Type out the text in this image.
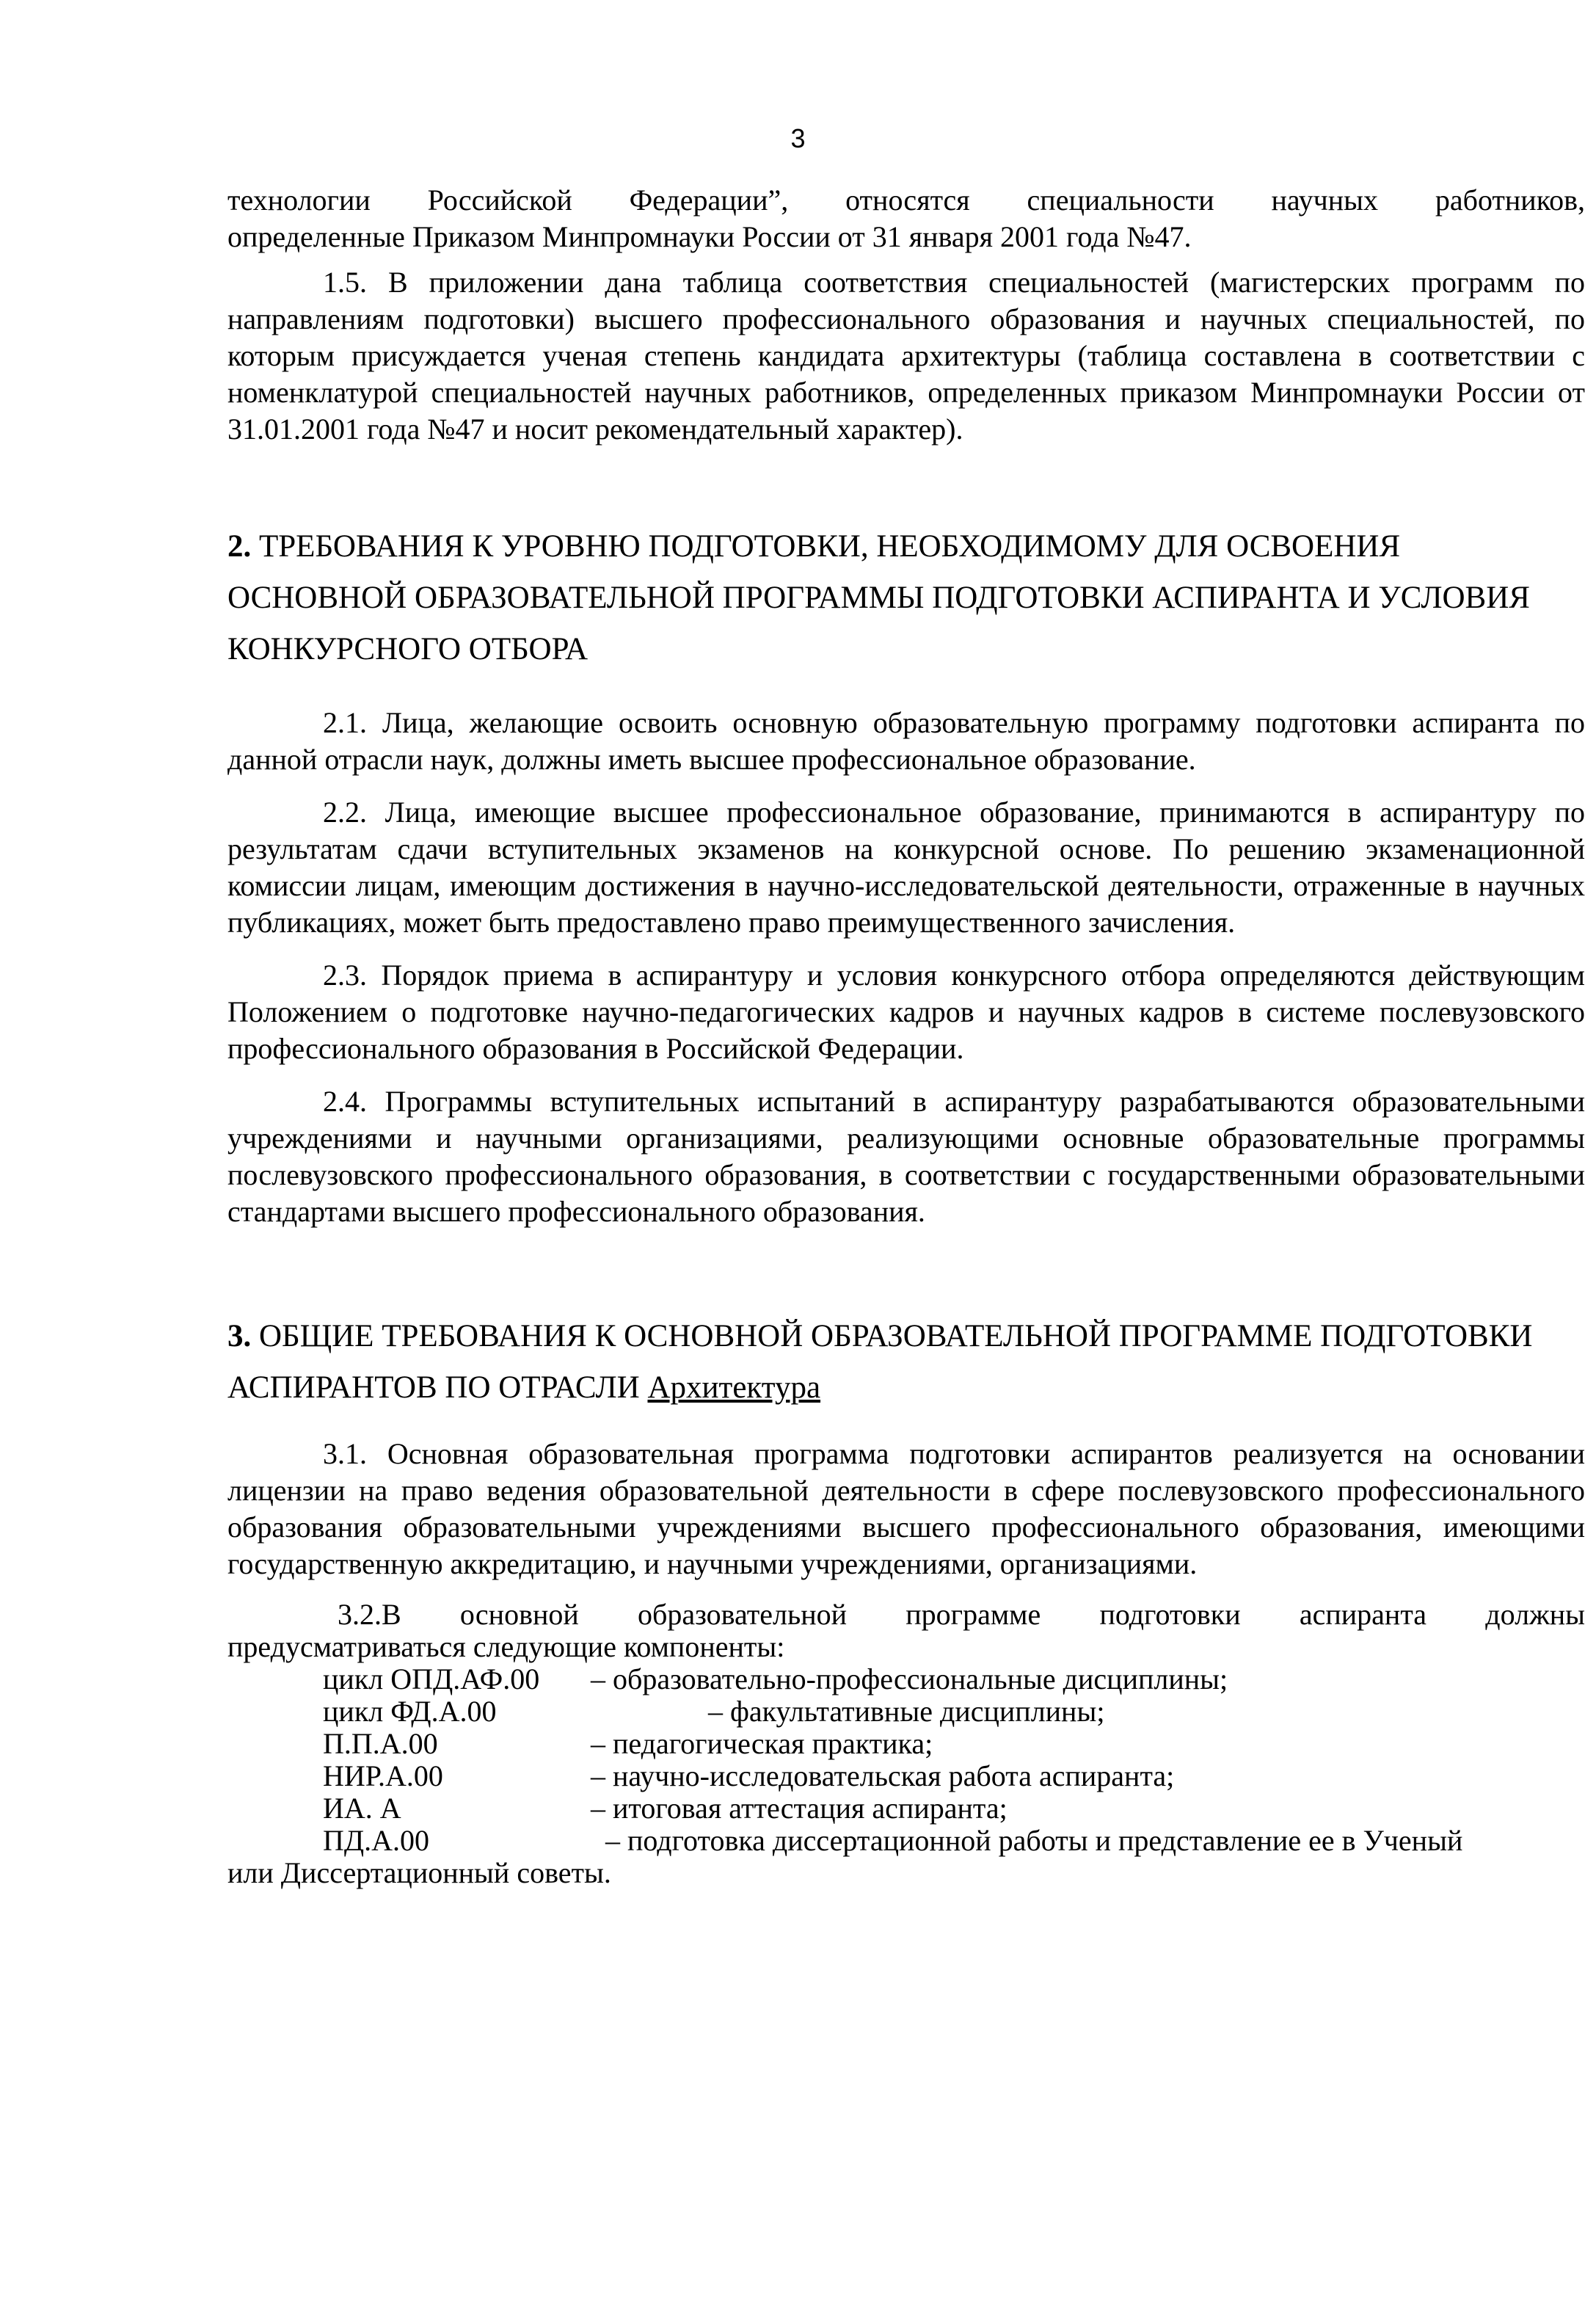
3

технологии Российской Федерации”, относятся специальности научных работников,

определенные Приказом Минпромнауки России от 31 января 2001 года №47.

1.5. В приложении дана таблица соответствия специальностей (магистерских программ по направлениям подготовки) высшего профессионального образования и научных специальностей, по которым присуждается ученая степень кандидата архитектуры (таблица составлена в соответствии с номенклатурой специальностей научных работников, определенных приказом Минпромнауки России от 31.01.2001 года №47 и носит рекомендательный характер).

2. ТРЕБОВАНИЯ К УРОВНЮ ПОДГОТОВКИ, НЕОБХОДИМОМУ ДЛЯ ОСВОЕНИЯ

ОСНОВНОЙ ОБРАЗОВАТЕЛЬНОЙ ПРОГРАММЫ ПОДГОТОВКИ АСПИРАНТА И УСЛОВИЯ

КОНКУРСНОГО ОТБОРА

2.1. Лица, желающие освоить основную образовательную программу подготовки аспиранта по данной отрасли наук, должны иметь высшее профессиональное образование.

2.2. Лица, имеющие высшее профессиональное образование, принимаются в аспирантуру по результатам сдачи вступительных экзаменов на конкурсной основе. По решению экзаменационной комиссии лицам, имеющим достижения в научно-исследовательской деятельности, отраженные в научных публикациях, может быть предоставлено право преимущественного зачисления.

2.3. Порядок приема в аспирантуру и условия конкурсного отбора определяются действующим Положением о подготовке научно-педагогических кадров и научных кадров в системе послевузовского профессионального образования в Российской Федерации.

2.4. Программы вступительных испытаний в аспирантуру разрабатываются образовательными учреждениями и научными организациями, реализующими основные образовательные программы послевузовского профессионального образования, в соответствии с государственными образовательными стандартами высшего профессионального образования.

3. ОБЩИЕ ТРЕБОВАНИЯ К ОСНОВНОЙ ОБРАЗОВАТЕЛЬНОЙ ПРОГРАММЕ ПОДГОТОВКИ

АСПИРАНТОВ ПО ОТРАСЛИ Архитектура

3.1. Основная образовательная программа подготовки аспирантов реализуется на основании лицензии на право ведения образовательной деятельности в сфере послевузовского профессионального образования образовательными учреждениями высшего профессионального образования, имеющими государственную аккредитацию, и научными учреждениями, организациями.

3.2.В основной образовательной программе подготовки аспиранта должны

предусматриваться следующие компоненты:

цикл ОПД.АФ.00	– образовательно-профессиональные дисциплины;
цикл ФД.А.00	– факультативные дисциплины;
П.П.А.00	– педагогическая практика;
НИР.А.00	– научно-исследовательская работа аспиранта;
ИА. А	– итоговая аттестация аспиранта;
ПД.А.00	– подготовка диссертационной работы и представление ее в Ученый

или Диссертационный советы.
